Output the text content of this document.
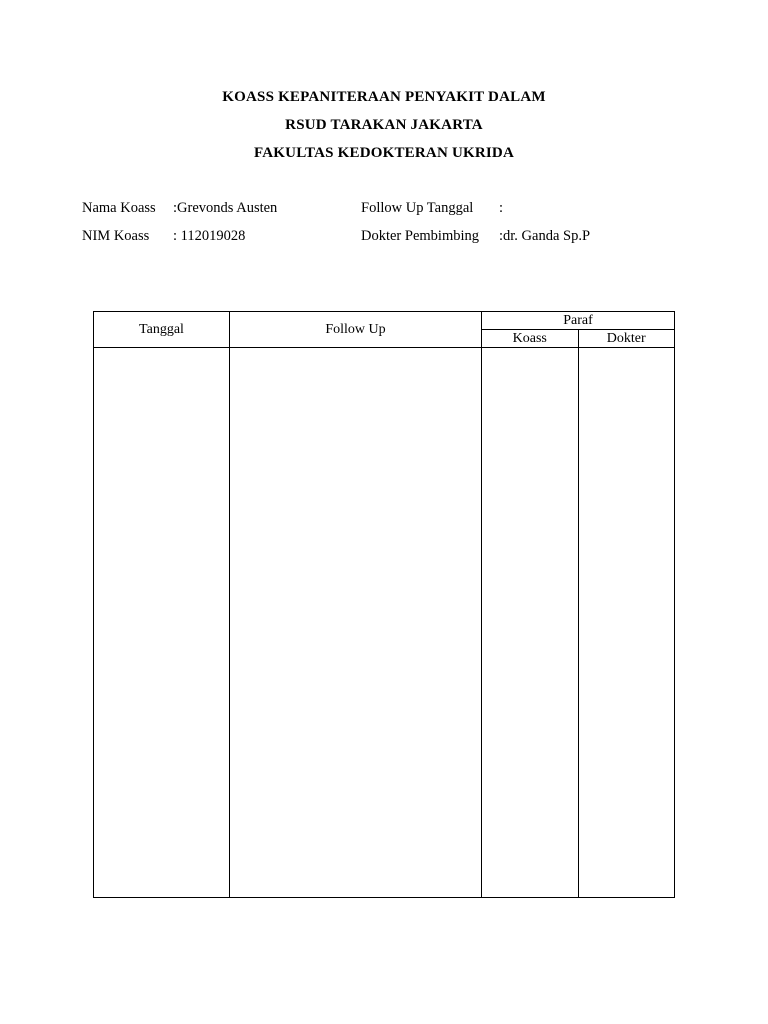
KOASS KEPANITERAAN PENYAKIT DALAM
RSUD TARAKAN JAKARTA
FAKULTAS KEDOKTERAN UKRIDA
Nama Koass :Grevonds Austen
NIM Koass : 112019028
Follow Up Tanggal :
Dokter Pembimbing :dr. Ganda Sp.P
Tanggal	Follow Up	Paraf	
		Koass	Dokter
